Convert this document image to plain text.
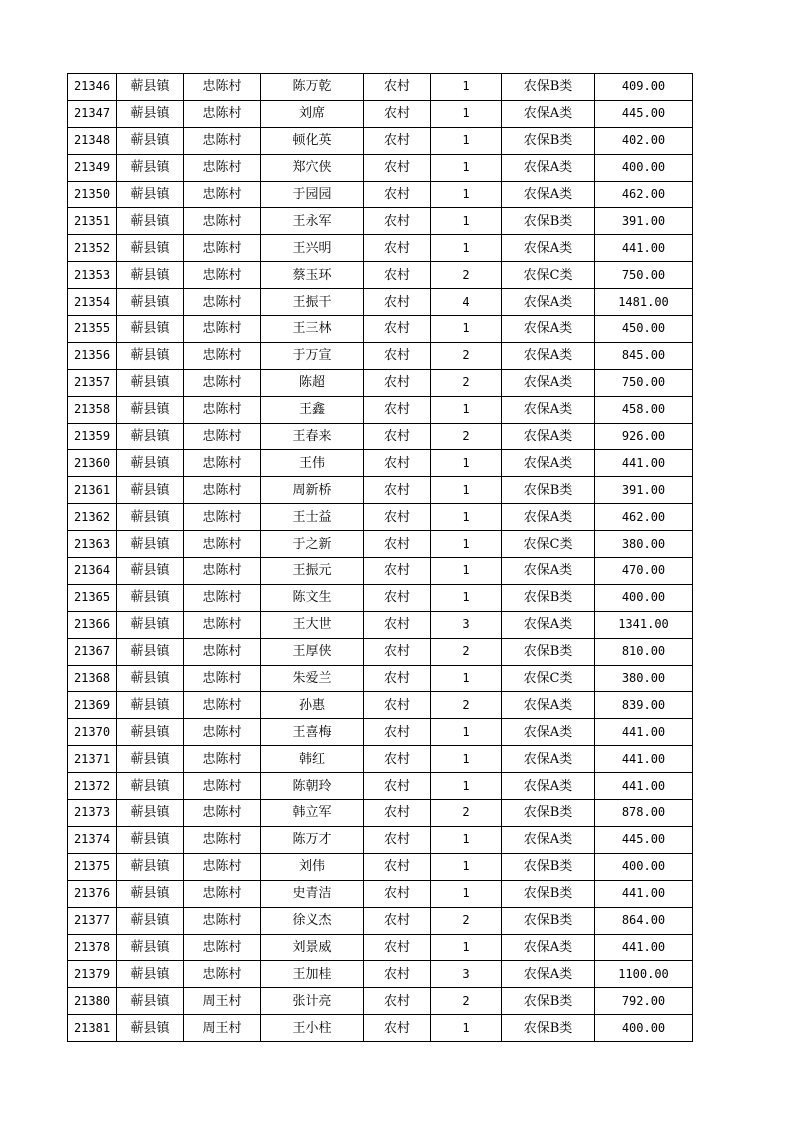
21346	蕲县镇	忠陈村	陈万乾	农村	1	农保B类	409.00
21347	蕲县镇	忠陈村	刘席	农村	1	农保A类	445.00
21348	蕲县镇	忠陈村	顿化英	农村	1	农保B类	402.00
21349	蕲县镇	忠陈村	郑穴侠	农村	1	农保A类	400.00
21350	蕲县镇	忠陈村	于园园	农村	1	农保A类	462.00
21351	蕲县镇	忠陈村	王永军	农村	1	农保B类	391.00
21352	蕲县镇	忠陈村	王兴明	农村	1	农保A类	441.00
21353	蕲县镇	忠陈村	蔡玉环	农村	2	农保C类	750.00
21354	蕲县镇	忠陈村	王振干	农村	4	农保A类	1481.00
21355	蕲县镇	忠陈村	王三林	农村	1	农保A类	450.00
21356	蕲县镇	忠陈村	于万宣	农村	2	农保A类	845.00
21357	蕲县镇	忠陈村	陈超	农村	2	农保A类	750.00
21358	蕲县镇	忠陈村	王鑫	农村	1	农保A类	458.00
21359	蕲县镇	忠陈村	王春来	农村	2	农保A类	926.00
21360	蕲县镇	忠陈村	王伟	农村	1	农保A类	441.00
21361	蕲县镇	忠陈村	周新桥	农村	1	农保B类	391.00
21362	蕲县镇	忠陈村	王士益	农村	1	农保A类	462.00
21363	蕲县镇	忠陈村	于之新	农村	1	农保C类	380.00
21364	蕲县镇	忠陈村	王振元	农村	1	农保A类	470.00
21365	蕲县镇	忠陈村	陈文生	农村	1	农保B类	400.00
21366	蕲县镇	忠陈村	王大世	农村	3	农保A类	1341.00
21367	蕲县镇	忠陈村	王厚侠	农村	2	农保B类	810.00
21368	蕲县镇	忠陈村	朱爱兰	农村	1	农保C类	380.00
21369	蕲县镇	忠陈村	孙惠	农村	2	农保A类	839.00
21370	蕲县镇	忠陈村	王喜梅	农村	1	农保A类	441.00
21371	蕲县镇	忠陈村	韩红	农村	1	农保A类	441.00
21372	蕲县镇	忠陈村	陈朝玲	农村	1	农保A类	441.00
21373	蕲县镇	忠陈村	韩立军	农村	2	农保B类	878.00
21374	蕲县镇	忠陈村	陈万才	农村	1	农保A类	445.00
21375	蕲县镇	忠陈村	刘伟	农村	1	农保B类	400.00
21376	蕲县镇	忠陈村	史青洁	农村	1	农保B类	441.00
21377	蕲县镇	忠陈村	徐义杰	农村	2	农保B类	864.00
21378	蕲县镇	忠陈村	刘景威	农村	1	农保A类	441.00
21379	蕲县镇	忠陈村	王加桂	农村	3	农保A类	1100.00
21380	蕲县镇	周王村	张计亮	农村	2	农保B类	792.00
21381	蕲县镇	周王村	王小柱	农村	1	农保B类	400.00
